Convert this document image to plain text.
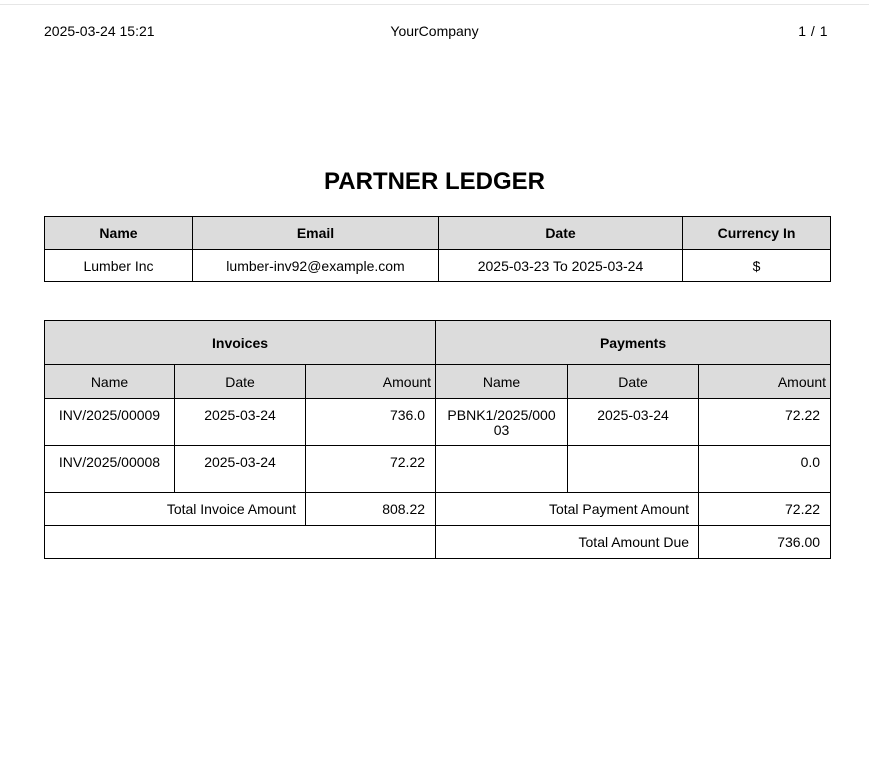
2025-03-24 15:21	YourCompany	1 / 1
PARTNER LEDGER
Name	Email	Date	Currency In
Lumber Inc	lumber-inv92@example.com	2025-03-23 To 2025-03-24	$
Invoices			Payments		
Name	Date	Amount	Name	Date	Amount
INV/2025/00009	2025-03-24	736.0	PBNK1/2025/00003	2025-03-24	72.22
INV/2025/00008	2025-03-24	72.22			0.0
Total Invoice Amount		808.22	Total Payment Amount		72.22
			Total Amount Due		736.00
